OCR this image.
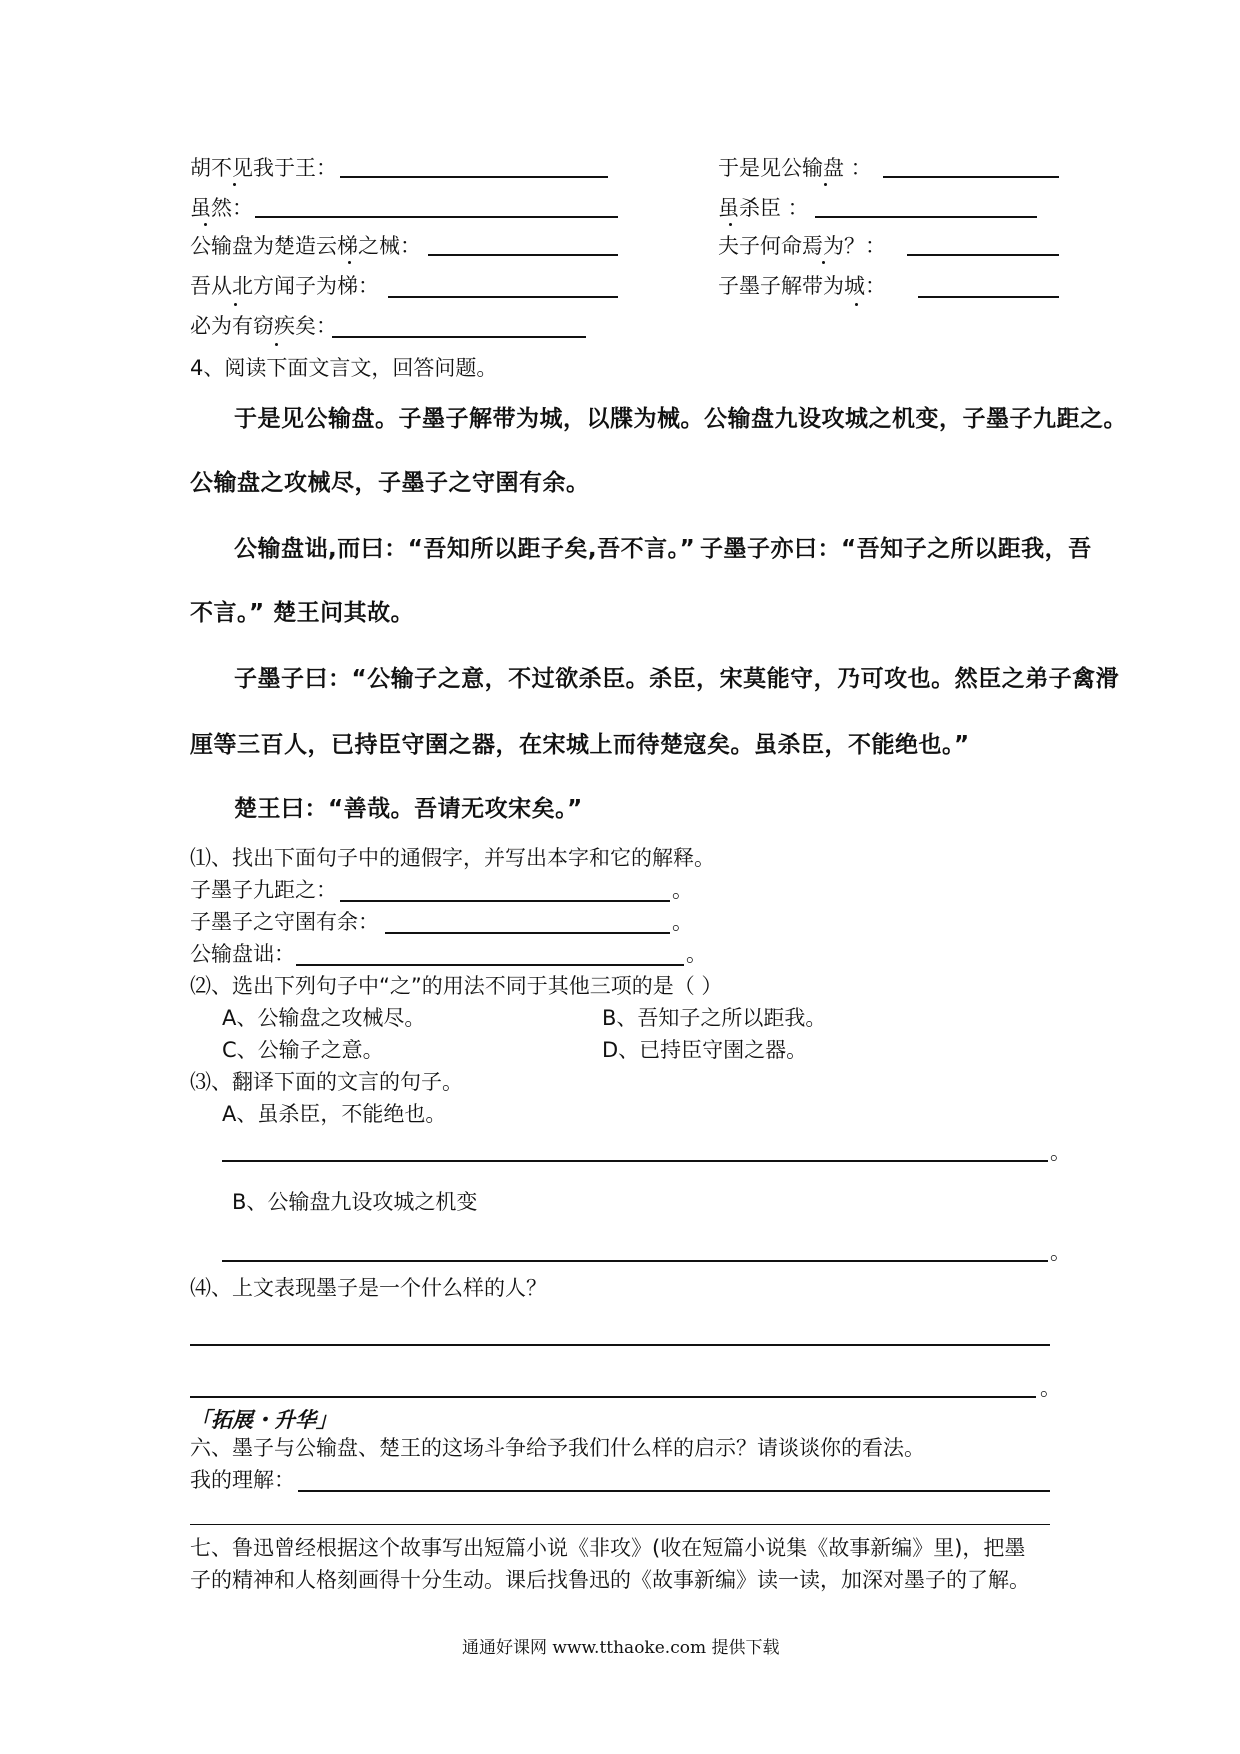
胡不见我于王：	于是见公输盘 ：
虽然：	虽杀臣 ：
公输盘为楚造云梯之械：	夫子何命焉为？：
吾从北方闻子为梯：	子墨子解带为城：
必为有窃疾矣：
4、阅读下面文言文，回答问题。
于是见公输盘。子墨子解带为城，以牒为械。公输盘九设攻城之机变，子墨子九距之。
公输盘之攻械尽，子墨子之守圉有余。
公输盘诎,而曰：“吾知所以距子矣,吾不言。” 子墨子亦曰：“吾知子之所以距我，吾
不言。” 楚王问其故。
子墨子曰：“公输子之意，不过欲杀臣。杀臣，宋莫能守，乃可攻也。然臣之弟子禽滑
厘等三百人，已持臣守圉之器，在宋城上而待楚寇矣。虽杀臣，不能绝也。”
楚王曰：“善哉。吾请无攻宋矣。”
⑴、找出下面句子中的通假字，并写出本字和它的解释。
子墨子九距之：	。
子墨子之守圉有余：	。
公输盘诎：	。
⑵、选出下列句子中“之”的用法不同于其他三项的是（ ）
A、公输盘之攻械尽。	B、吾知子之所以距我。
C、公输子之意。	D、已持臣守圉之器。
⑶、翻译下面的文言的句子。
A、虽杀臣，不能绝也。
。
B、公输盘九设攻城之机变
。
⑷、上文表现墨子是一个什么样的人？
。
「拓展・升华」
六、墨子与公输盘、楚王的这场斗争给予我们什么样的启示？请谈谈你的看法。
我的理解：
七、鲁迅曾经根据这个故事写出短篇小说《非攻》(收在短篇小说集《故事新编》里)，把墨
子的精神和人格刻画得十分生动。课后找鲁迅的《故事新编》读一读，加深对墨子的了解。
通通好课网 www.tthaoke.com 提供下载
